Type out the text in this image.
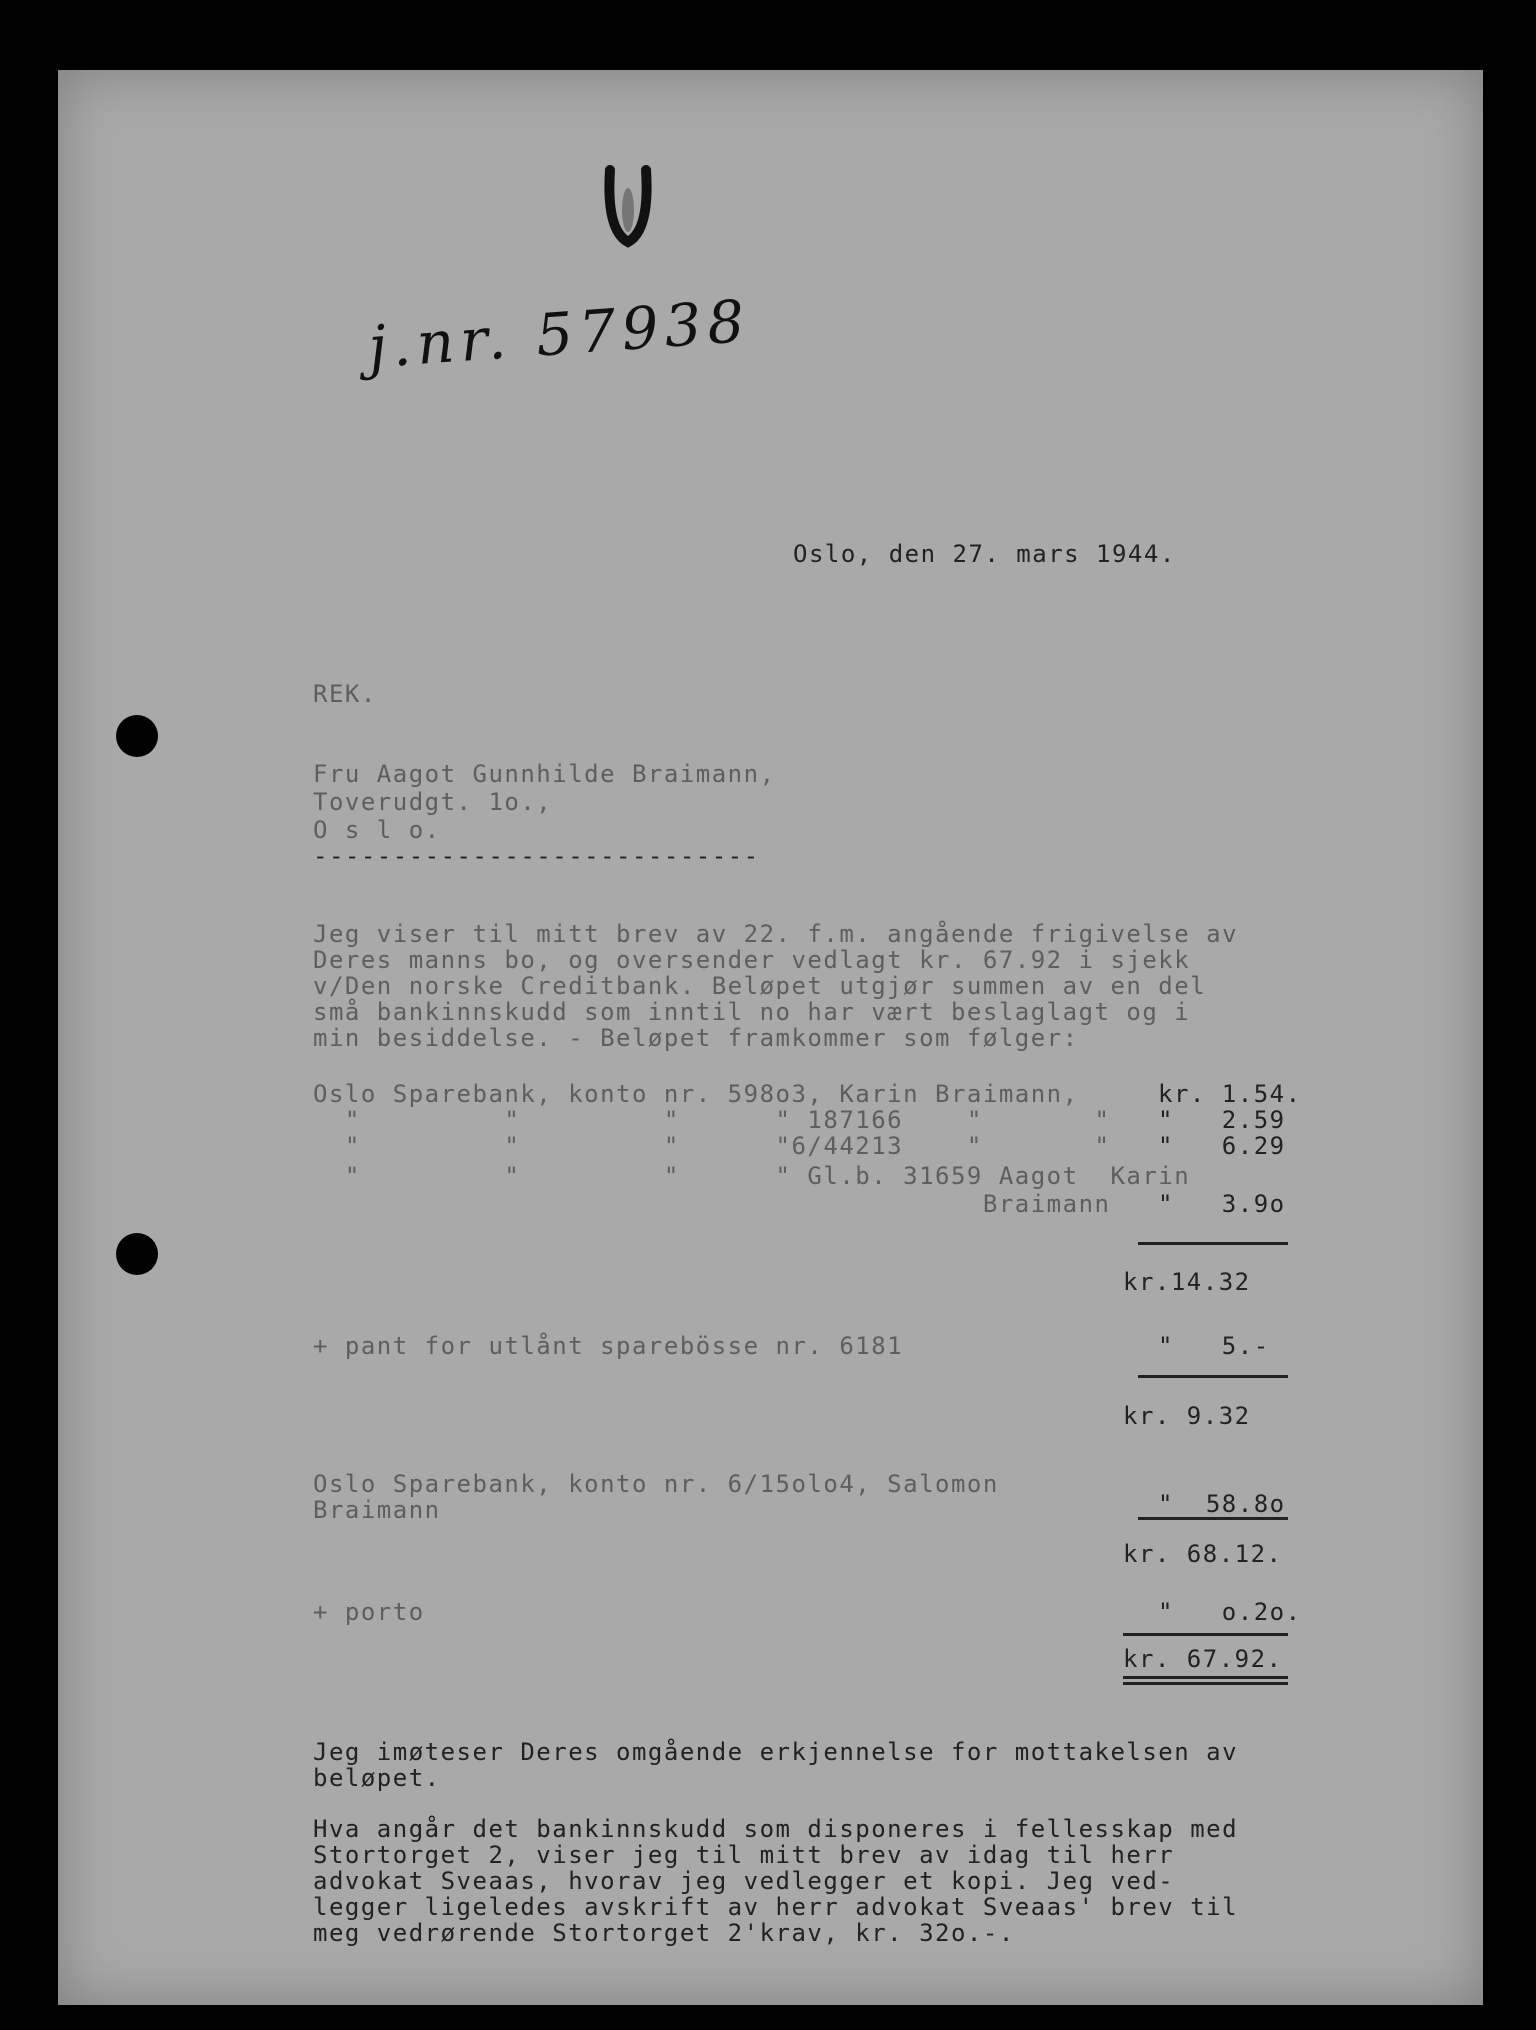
j.nr. 57938
Oslo, den 27. mars 1944.
REK.
Fru Aagot Gunnhilde Braimann,
Toverudgt. 1o.,
O s l o.
----------------------------
Jeg viser til mitt brev av 22. f.m. angående frigivelse av
Deres manns bo, og oversender vedlagt kr. 67.92 i sjekk
v/Den norske Creditbank. Beløpet utgjør summen av en del
små bankinnskudd som inntil no har vært beslaglagt og i
min besiddelse. - Beløpet framkommer som følger:
Oslo Sparebank, konto nr. 598o3, Karin Braimann,	kr. 1.54.
"         "         "      " 187166    "       " "   2.59
"         "         "      "6/44213    "       " "   6.29
"         "         "      " Gl.b. 31659 Aagot  Karin
Braimann "   3.9o
kr.14.32
+ pant for utlånt sparebösse nr. 6181	"   5.-
kr. 9.32
Oslo Sparebank, konto nr. 6/15olo4, Salomon
Braimann	"  58.8o
kr. 68.12.
+ porto	"   o.2o.
kr. 67.92.
Jeg imøteser Deres omgående erkjennelse for mottakelsen av
beløpet.
Hva angår det bankinnskudd som disponeres i fellesskap med
Stortorget 2, viser jeg til mitt brev av idag til herr
advokat Sveaas, hvorav jeg vedlegger et kopi. Jeg ved-
legger ligeledes avskrift av herr advokat Sveaas' brev til
meg vedrørende Stortorget 2'krav, kr. 32o.-.
